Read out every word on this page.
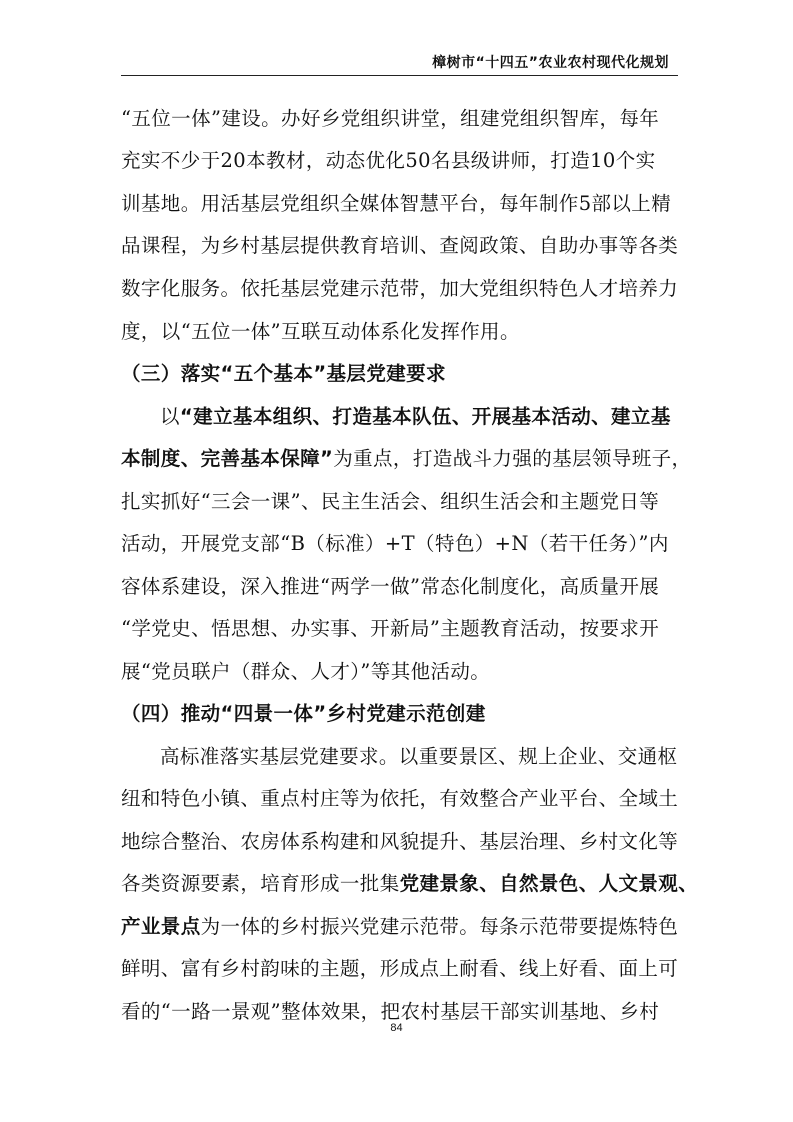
樟树市“十四五”农业农村现代化规划
“五位一体”建设。办好乡党组织讲堂，组建党组织智库，每年
充实不少于20本教材，动态优化50名县级讲师，打造10个实
训基地。用活基层党组织全媒体智慧平台，每年制作5部以上精
品课程，为乡村基层提供教育培训、查阅政策、自助办事等各类
数字化服务。依托基层党建示范带，加大党组织特色人才培养力
度，以“五位一体”互联互动体系化发挥作用。
（三）落实“五个基本”基层党建要求
以“建立基本组织、打造基本队伍、开展基本活动、建立基
本制度、完善基本保障”为重点，打造战斗力强的基层领导班子，
扎实抓好“三会一课”、民主生活会、组织生活会和主题党日等
活动，开展党支部“B（标准）+T（特色）+N（若干任务）”内
容体系建设，深入推进“两学一做”常态化制度化，高质量开展
“学党史、悟思想、办实事、开新局”主题教育活动，按要求开
展“党员联户（群众、人才）”等其他活动。
（四）推动“四景一体”乡村党建示范创建
高标准落实基层党建要求。以重要景区、规上企业、交通枢
纽和特色小镇、重点村庄等为依托，有效整合产业平台、全域土
地综合整治、农房体系构建和风貌提升、基层治理、乡村文化等
各类资源要素，培育形成一批集党建景象、自然景色、人文景观、
产业景点为一体的乡村振兴党建示范带。每条示范带要提炼特色
鲜明、富有乡村韵味的主题，形成点上耐看、线上好看、面上可
看的“一路一景观”整体效果，把农村基层干部实训基地、乡村
84
